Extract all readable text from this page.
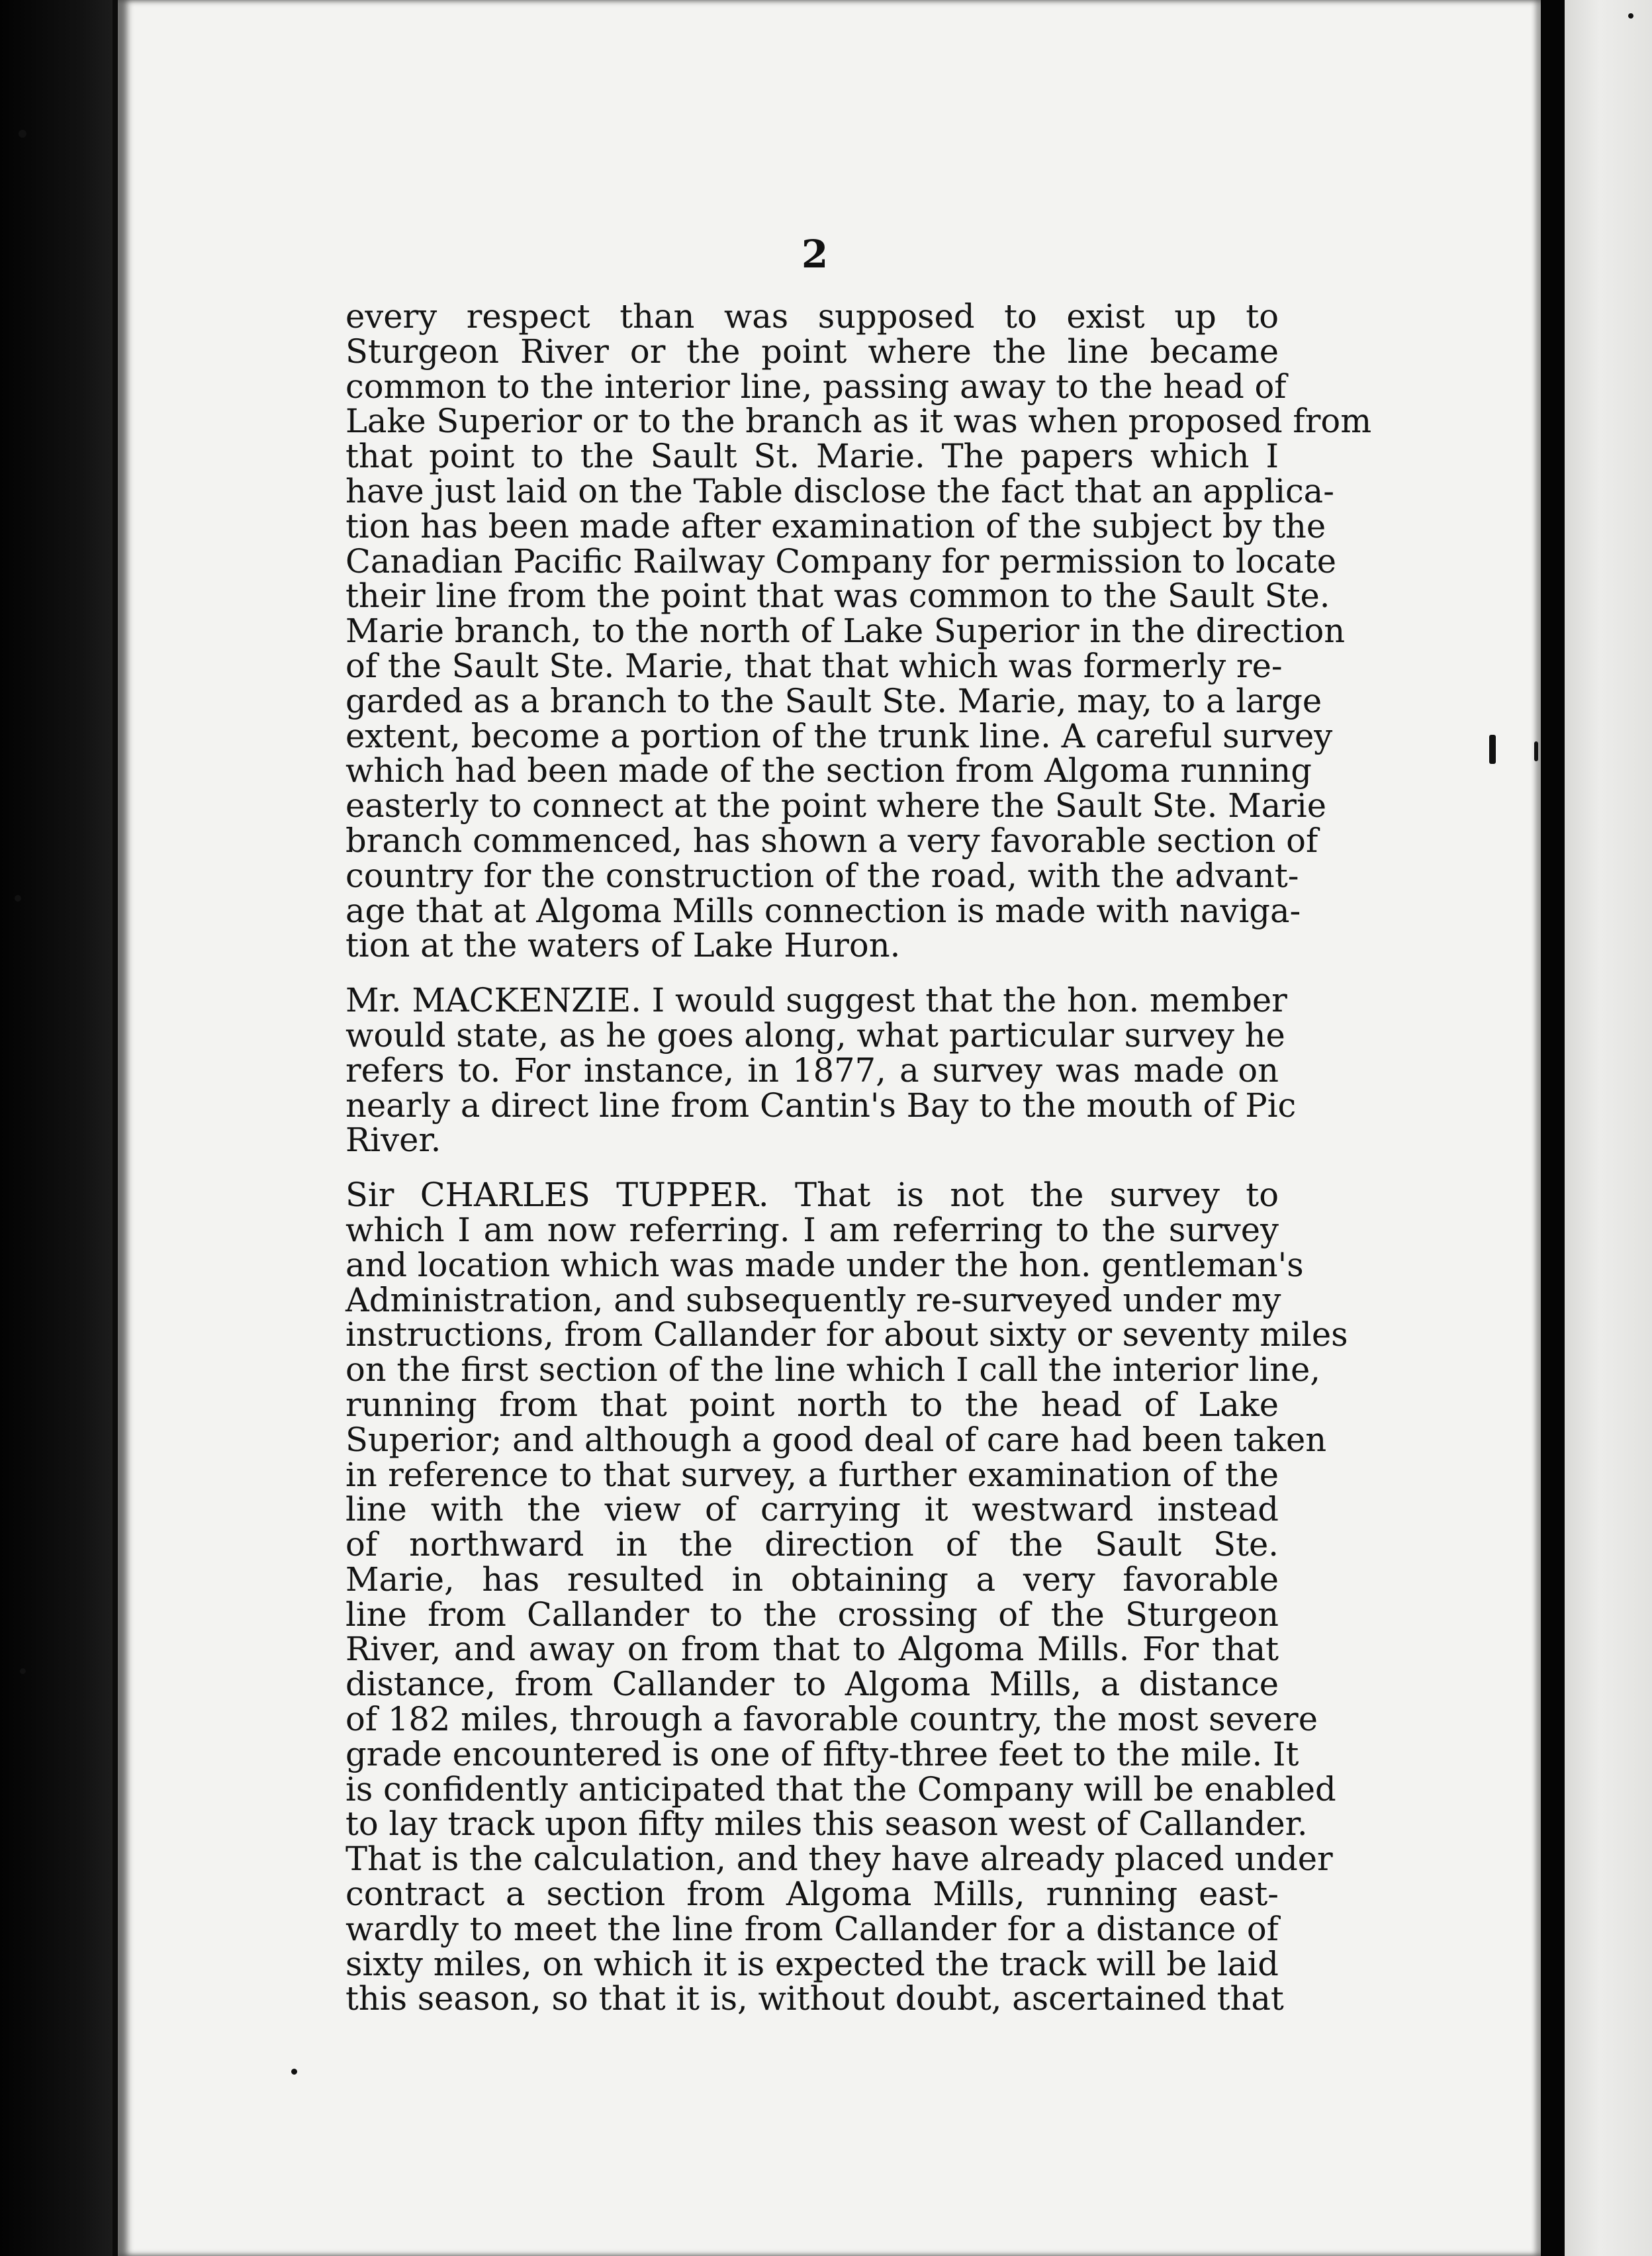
2
every respect than was supposed to exist up to
Sturgeon River or the point where the line became
common to the interior line, passing away to the head of
Lake Superior or to the branch as it was when proposed from
that point to the Sault St. Marie. The papers which I
have just laid on the Table disclose the fact that an applica-
tion has been made after examination of the subject by the
Canadian Pacific Railway Company for permission to locate
their line from the point that was common to the Sault Ste.
Marie branch, to the north of Lake Superior in the direction
of the Sault Ste. Marie, that that which was formerly re-
garded as a branch to the Sault Ste. Marie, may, to a large
extent, become a portion of the trunk line. A careful survey
which had been made of the section from Algoma running
easterly to connect at the point where the Sault Ste. Marie
branch commenced, has shown a very favorable section of
country for the construction of the road, with the advant-
age that at Algoma Mills connection is made with naviga-
tion at the waters of Lake Huron.
Mr. MACKENZIE. I would suggest that the hon. member
would state, as he goes along, what particular survey he
refers to. For instance, in 1877, a survey was made on
nearly a direct line from Cantin's Bay to the mouth of Pic
River.
Sir CHARLES TUPPER. That is not the survey to
which I am now referring. I am referring to the survey
and location which was made under the hon. gentleman's
Administration, and subsequently re-surveyed under my
instructions, from Callander for about sixty or seventy miles
on the first section of the line which I call the interior line,
running from that point north to the head of Lake
Superior; and although a good deal of care had been taken
in reference to that survey, a further examination of the
line with the view of carrying it westward instead
of northward in the direction of the Sault Ste.
Marie, has resulted in obtaining a very favorable
line from Callander to the crossing of the Sturgeon
River, and away on from that to Algoma Mills. For that
distance, from Callander to Algoma Mills, a distance
of 182 miles, through a favorable country, the most severe
grade encountered is one of fifty-three feet to the mile. It
is confidently anticipated that the Company will be enabled
to lay track upon fifty miles this season west of Callander.
That is the calculation, and they have already placed under
contract a section from Algoma Mills, running east-
wardly to meet the line from Callander for a distance of
sixty miles, on which it is expected the track will be laid
this season, so that it is, without doubt, ascertained that
